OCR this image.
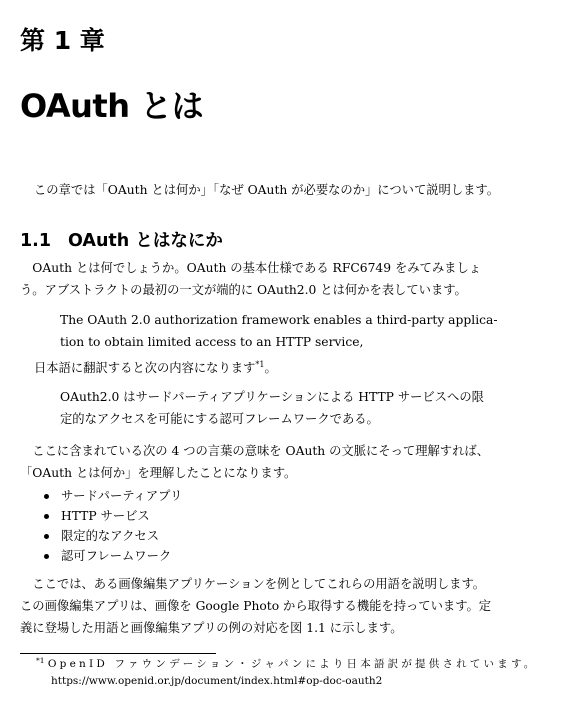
第 1 章
OAuth とは
この章では「OAuth とは何か」「なぜ OAuth が必要なのか」について説明します。
1.1 OAuth とはなにか

　OAuth とは何でしょうか。OAuth の基本仕様である RFC6749 をみてみましょ

う。アブストラクトの最初の一文が端的に OAuth2.0 とは何かを表しています。

The OAuth 2.0 authorization framework enables a third-party applica-

tion to obtain limited access to an HTTP service,

日本語に翻訳すると次の内容になります$^{*1}$。

OAuth2.0 はサードパーティアプリケーションによる HTTP サービスへの限

定的なアクセスを可能にする認可フレームワークである。

　ここに含まれている次の 4 つの言葉の意味を OAuth の文脈にそって理解すれば、

「OAuth とは何か」を理解したことになります。

サードパーティアプリ
HTTP サービス
限定的なアクセス
認可フレームワーク

　ここでは、ある画像編集アプリケーションを例としてこれらの用語を説明します。

この画像編集アプリは、画像を Google Photo から取得する機能を持っています。定

義に登場した用語と画像編集アプリの例の対応を図 1.1 に示します。

$^{*1}$ OpenID ファウンデーション・ジャパンにより日本語訳が提供されています。

https://www.openid.or.jp/document/index.html#op-doc-oauth2
